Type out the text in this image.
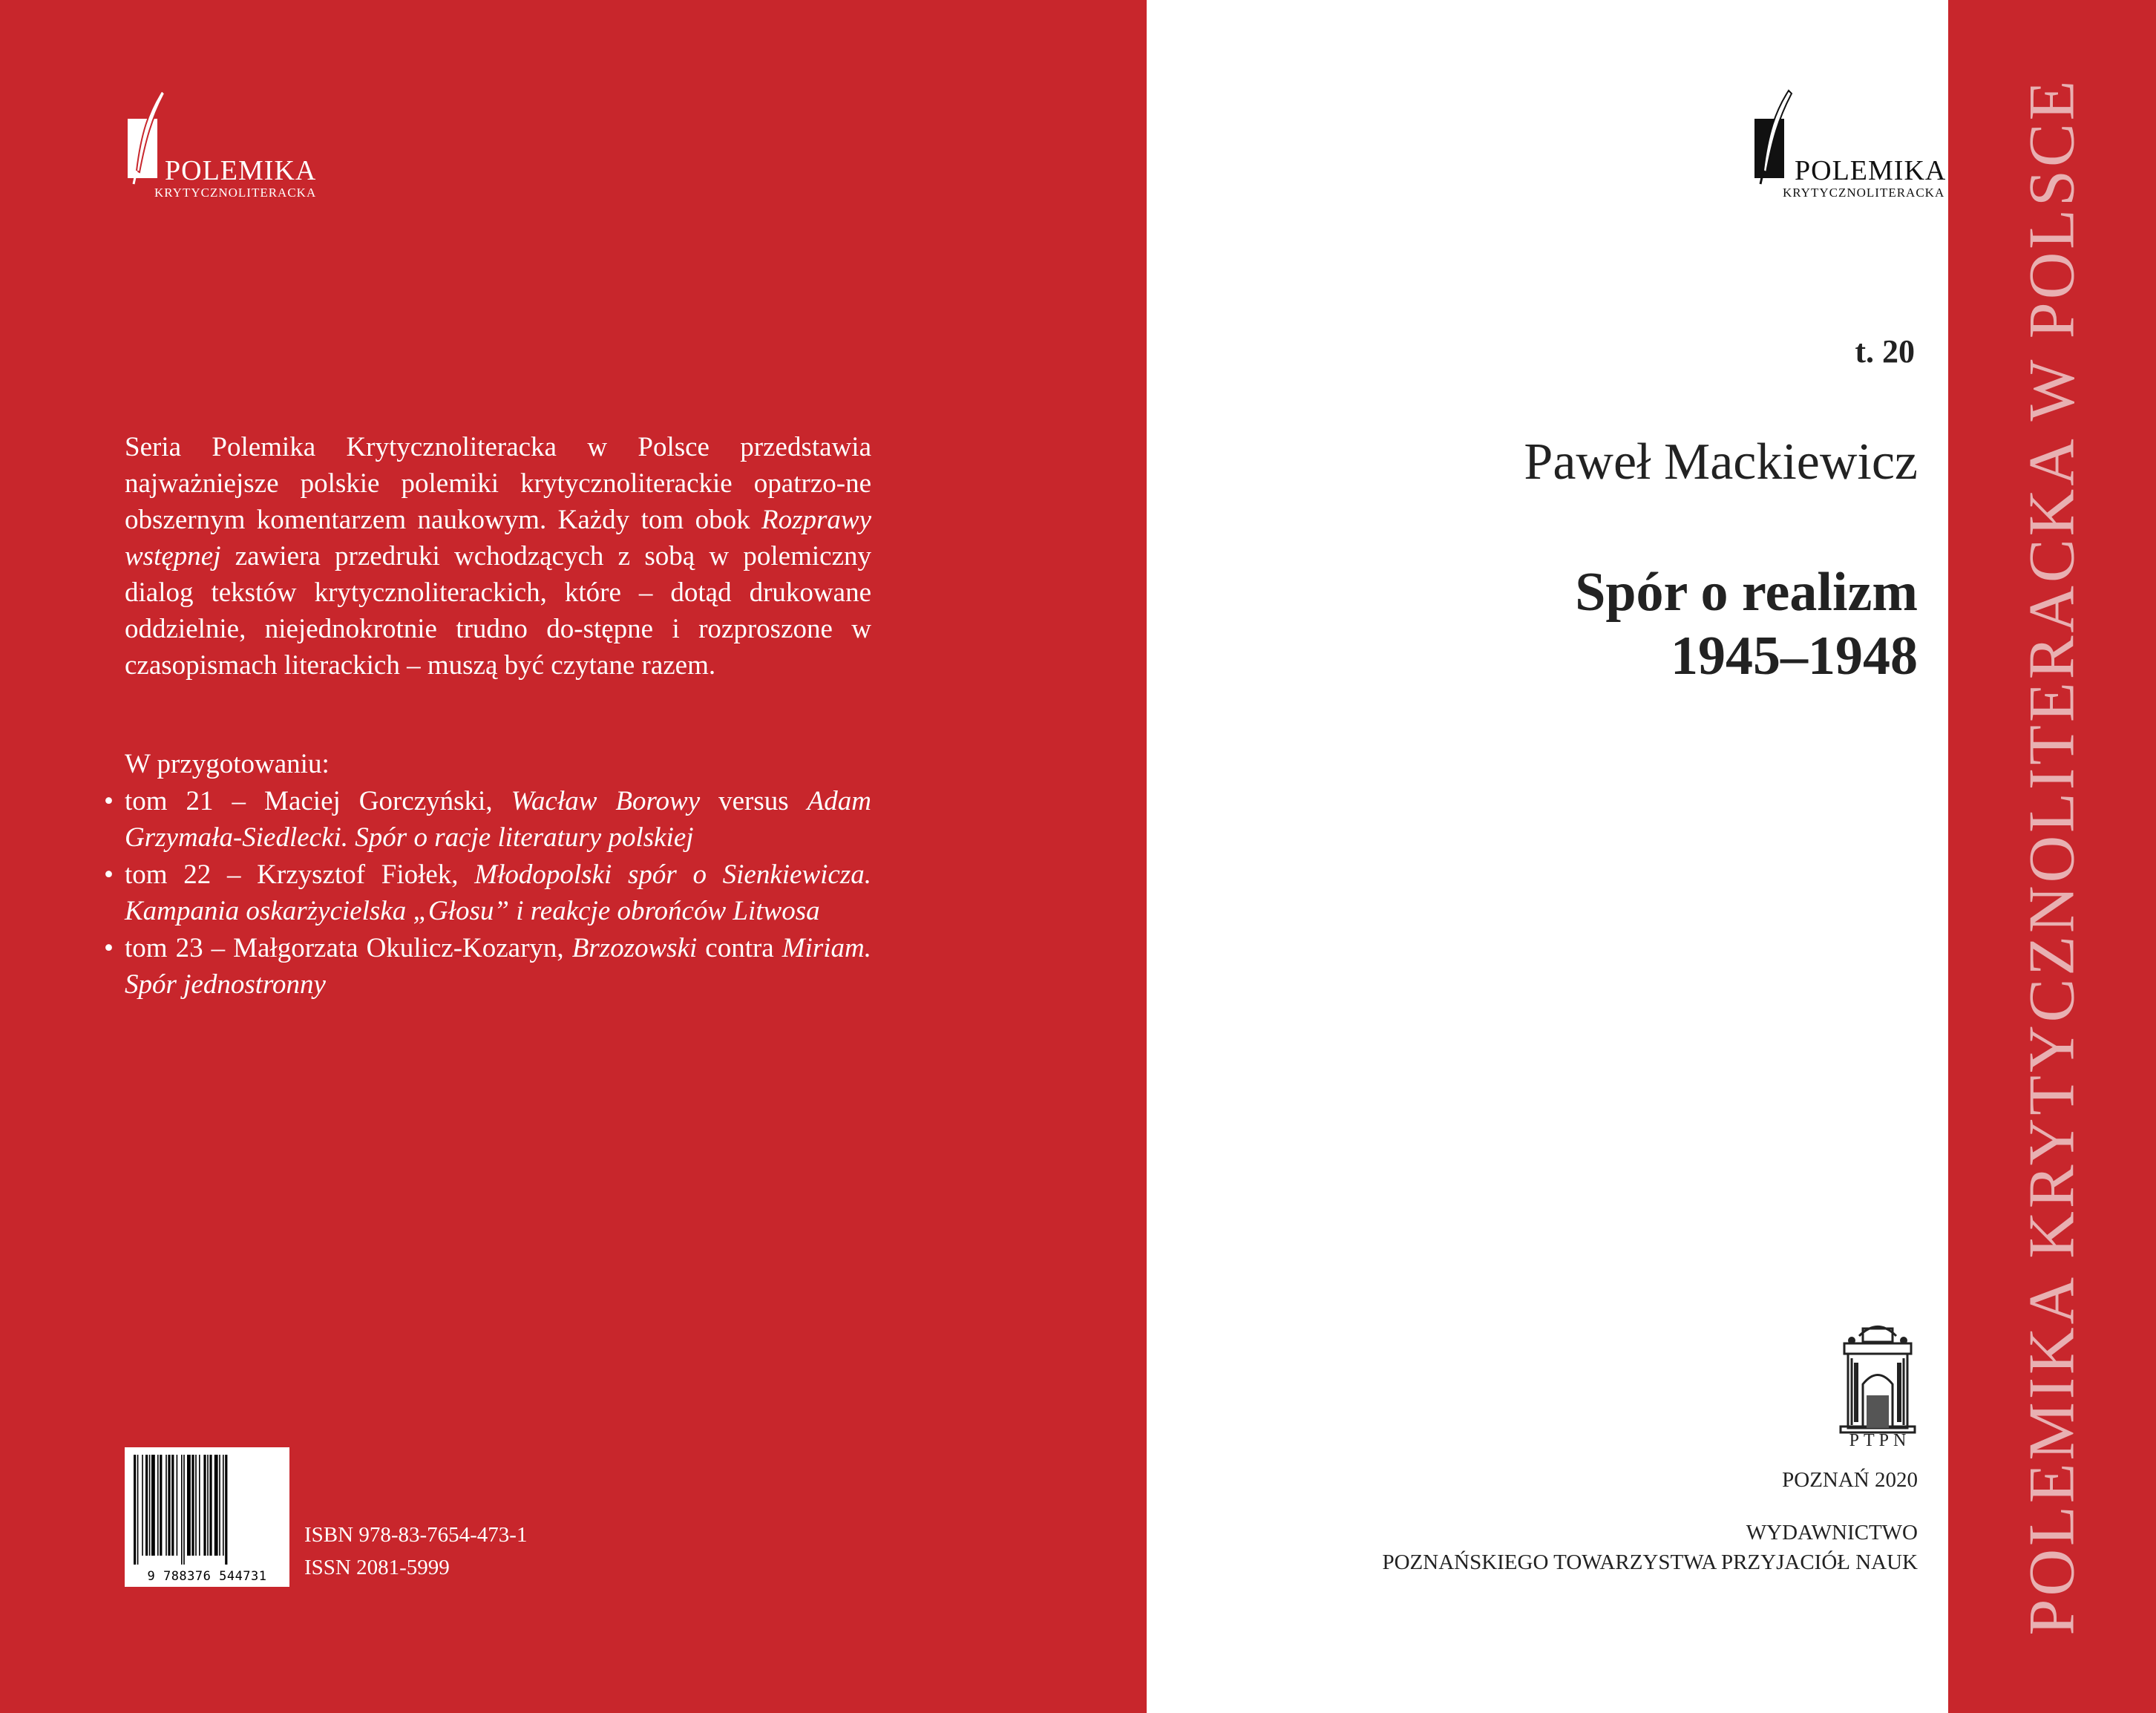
POLEMIKA
KRYTYCZNOLITERACKA

Seria Polemika Krytycznoliteracka w Polsce przedstawia najważniejsze polskie polemiki krytycznoliterackie opatrzo-ne obszernym komentarzem naukowym. Każdy tom obok Rozprawy wstępnej zawiera przedruki wchodzących z sobą w polemiczny dialog tekstów krytycznoliterackich, które – dotąd drukowane oddzielnie, niejednokrotnie trudno do-stępne i rozproszone w czasopismach literackich – muszą być czytane razem.

W przygotowaniu:

• tom 21 – Maciej Gorczyński, Wacław Borowy versus Adam Grzymała-Siedlecki. Spór o racje literatury polskiej
• tom 22 – Krzysztof Fiołek, Młodopolski spór o Sienkiewicza. Kampania oskarżycielska „Głosu” i reakcje obrońców Litwosa
• tom 23 – Małgorzata Okulicz-Kozaryn, Brzozowski contra Miriam. Spór jednostronny
9 788376 544731
ISBN 978-83-7654-473-1
ISSN 2081-5999
POLEMIKA
KRYTYCZNOLITERACKA
t. 20
Paweł Mackiewicz
Spór o realizm
1945–1948
PTPN
POZNAŃ 2020
WYDAWNICTWO
POZNAŃSKIEGO TOWARZYSTWA PRZYJACIÓŁ NAUK POLEMIKA KRYTYCZNOLITERACKA W POLSCE
